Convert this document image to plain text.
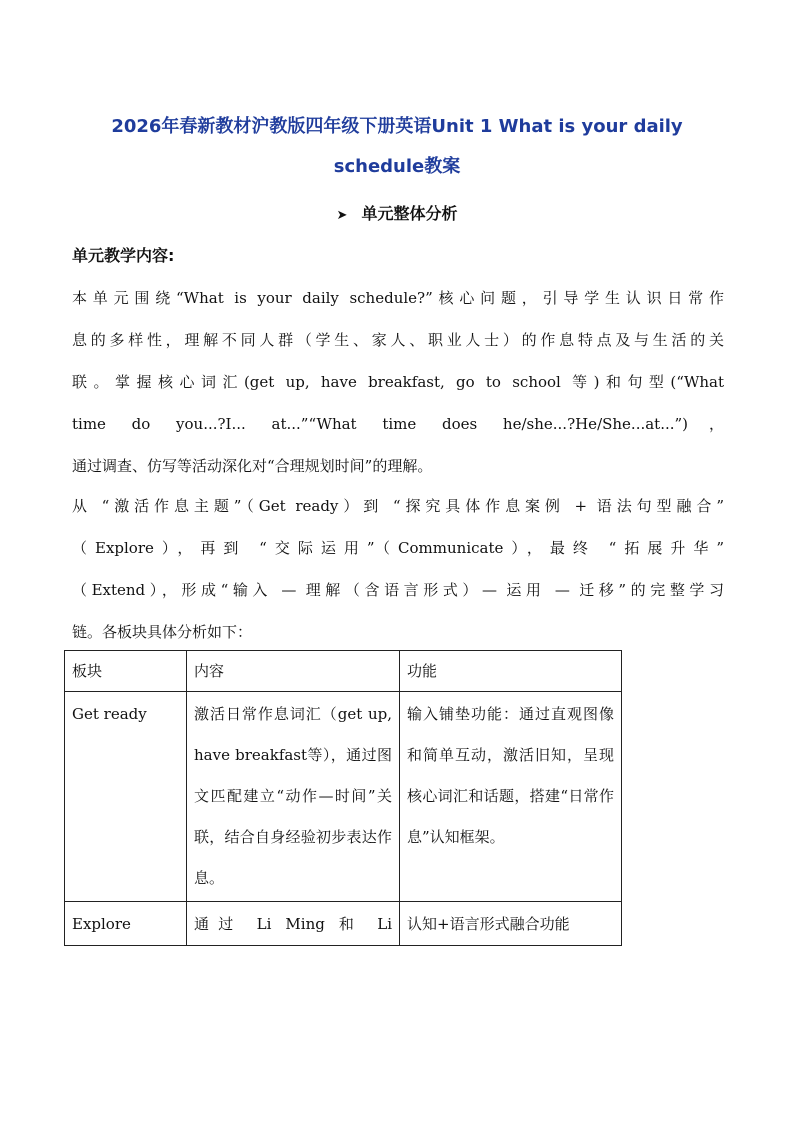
2026年春新教材沪教版四年级下册英语Unit 1 What is your daily
schedule教案
➤ 单元整体分析
单元教学内容:
本单元围绕“What is your daily schedule?”核心问题，引导学生认识日常作
息的多样性，理解不同人群（学生、家人、职业人士）的作息特点及与生活的关
联。掌握核心词汇(get up, have breakfast, go to school 等)和句型(“What
time do you...?I... at...”“What time does he/she...?He/She...at...”)，
通过调查、仿写等活动深化对“合理规划时间”的理解。
从 “激活作息主题”（Get ready）到 “探究具体作息案例 + 语法句型融合”
（Explore），再到 “交际运用”（Communicate），最终 “拓展升华”
（Extend），形成“输入 — 理解（含语言形式）— 运用 — 迁移”的完整学习
链。各板块具体分析如下：
板块	内容	功能
Get ready	激活日常作息词汇（get up, have breakfast等），通过图文匹配建立“动作—时间”关联，结合自身经验初步表达作息。	输入铺垫功能：通过直观图像和简单互动，激活旧知，呈现核心词汇和话题，搭建“日常作息”认知框架。
Explore	通过 Li Ming 和 Li	认知+语言形式融合功能
